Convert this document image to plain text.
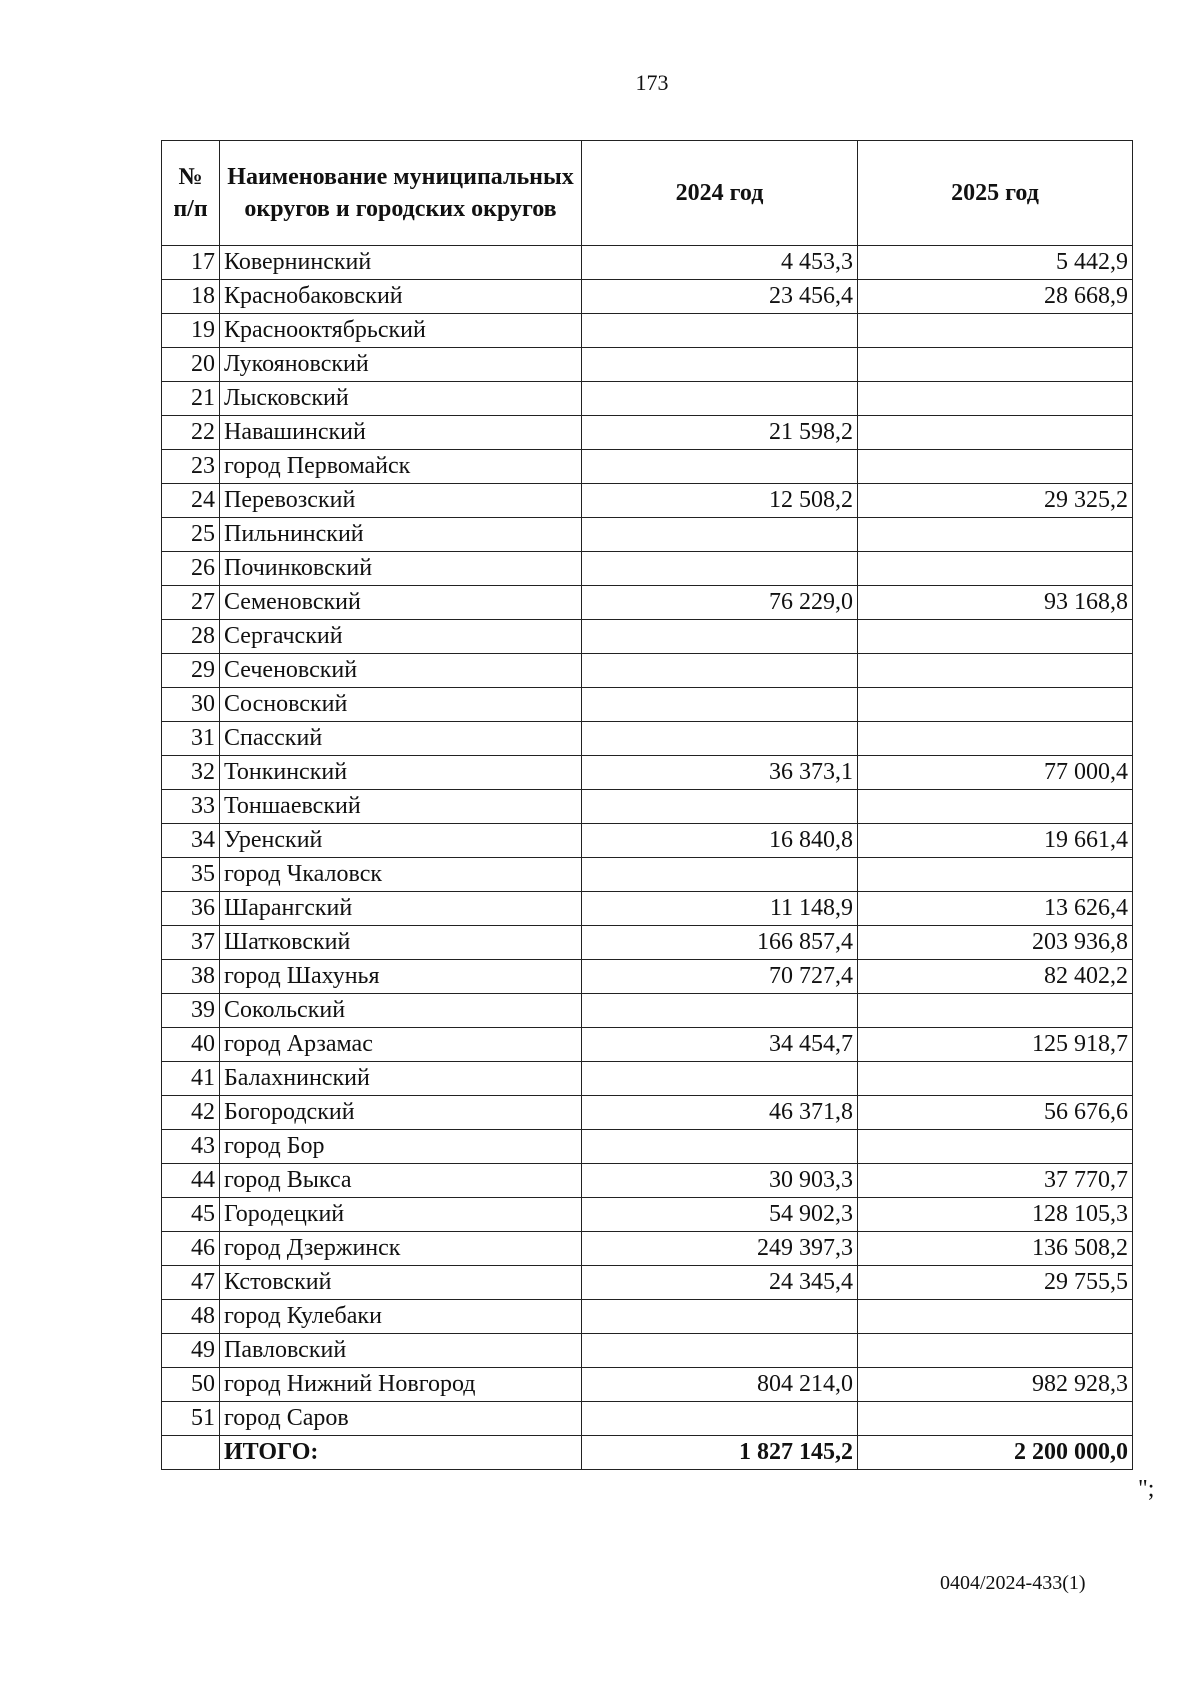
173
№ п/п	Наименование муниципальных округов и городских округов	2024 год	2025 год
17	Ковернинский	4 453,3	5 442,9
18	Краснобаковский	23 456,4	28 668,9
19	Краснооктябрьский		
20	Лукояновский		
21	Лысковский		
22	Навашинский	21 598,2	
23	город Первомайск		
24	Перевозский	12 508,2	29 325,2
25	Пильнинский		
26	Починковский		
27	Семеновский	76 229,0	93 168,8
28	Сергачский		
29	Сеченовский		
30	Сосновский		
31	Спасский		
32	Тонкинский	36 373,1	77 000,4
33	Тоншаевский		
34	Уренский	16 840,8	19 661,4
35	город Чкаловск		
36	Шарангский	11 148,9	13 626,4
37	Шатковский	166 857,4	203 936,8
38	город Шахунья	70 727,4	82 402,2
39	Сокольский		
40	город Арзамас	34 454,7	125 918,7
41	Балахнинский		
42	Богородский	46 371,8	56 676,6
43	город Бор		
44	город Выкса	30 903,3	37 770,7
45	Городецкий	54 902,3	128 105,3
46	город Дзержинск	249 397,3	136 508,2
47	Кстовский	24 345,4	29 755,5
48	город Кулебаки		
49	Павловский		
50	город Нижний Новгород	804 214,0	982 928,3
51	город Саров		
	ИТОГО:	1 827 145,2	2 200 000,0
";
0404/2024-433(1)
